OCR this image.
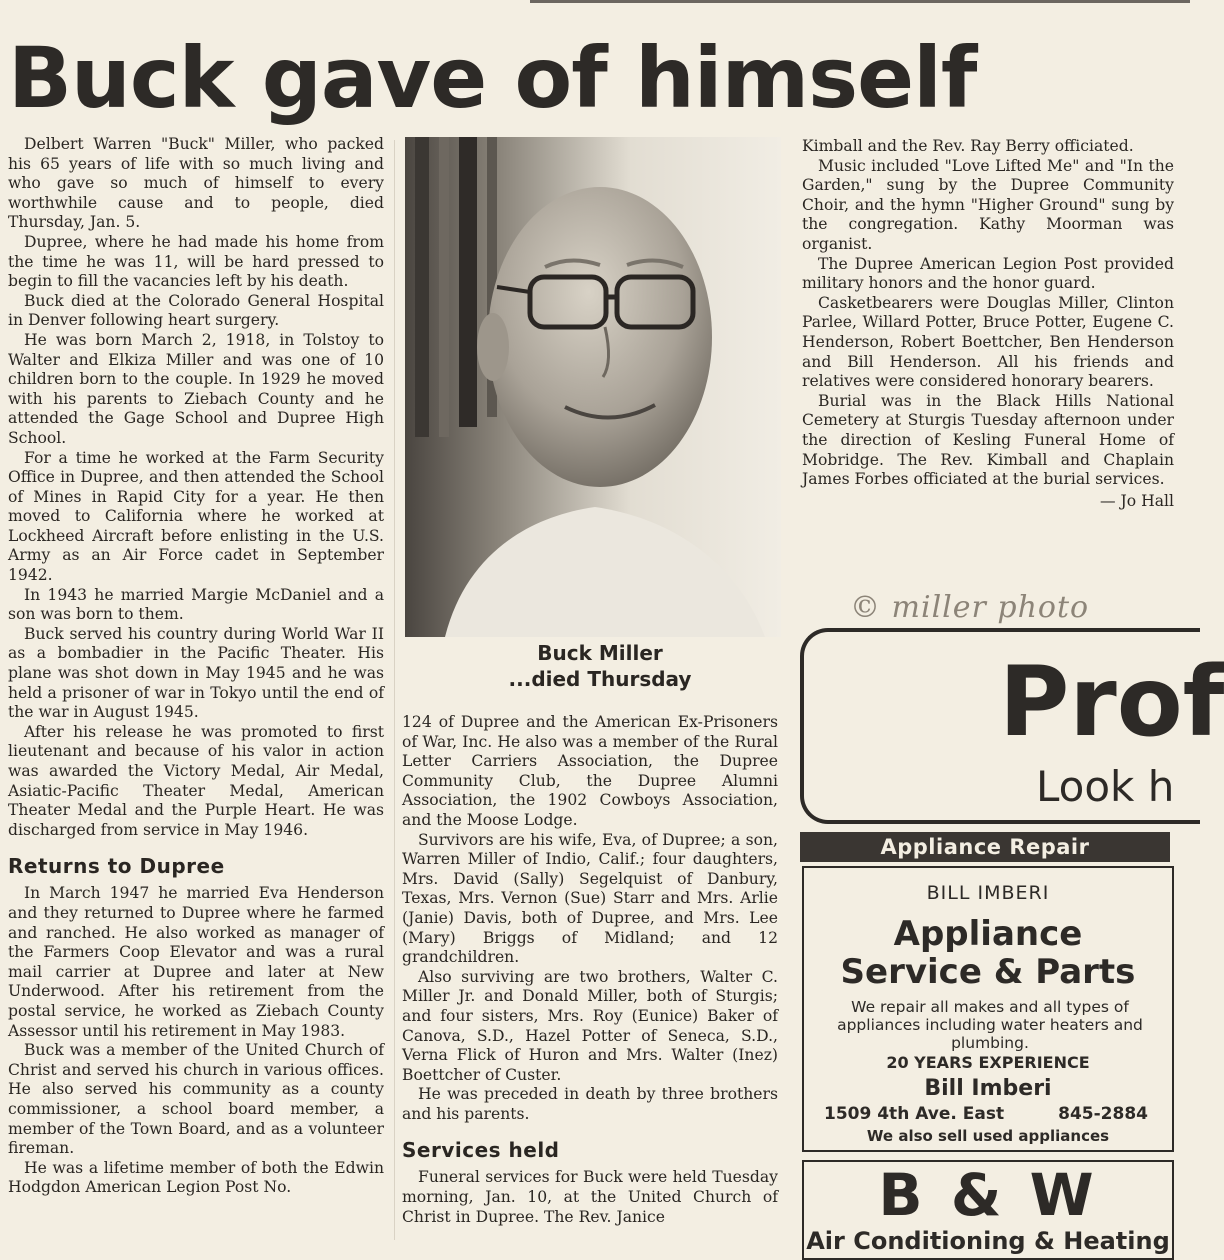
Buck gave of himself

Delbert Warren "Buck" Miller, who packed his 65 years of life with so much living and who gave so much of himself to every worthwhile cause and to people, died Thursday, Jan. 5.

Dupree, where he had made his home from the time he was 11, will be hard pressed to begin to fill the vacancies left by his death.

Buck died at the Colorado General Hospital in Denver following heart surgery.

He was born March 2, 1918, in Tolstoy to Walter and Elkiza Miller and was one of 10 children born to the couple. In 1929 he moved with his parents to Ziebach County and he attended the Gage School and Dupree High School.

For a time he worked at the Farm Security Office in Dupree, and then attended the School of Mines in Rapid City for a year. He then moved to California where he worked at Lockheed Aircraft before enlisting in the U.S. Army as an Air Force cadet in September 1942.

In 1943 he married Margie McDaniel and a son was born to them.

Buck served his country during World War II as a bombadier in the Pacific Theater. His plane was shot down in May 1945 and he was held a prisoner of war in Tokyo until the end of the war in August 1945.

After his release he was promoted to first lieutenant and because of his valor in action was awarded the Victory Medal, Air Medal, Asiatic-Pacific Theater Medal, American Theater Medal and the Purple Heart. He was discharged from service in May 1946.

Returns to Dupree

In March 1947 he married Eva Henderson and they returned to Dupree where he farmed and ranched. He also worked as manager of the Farmers Coop Elevator and was a rural mail carrier at Dupree and later at New Underwood. After his retirement from the postal service, he worked as Ziebach County Assessor until his retirement in May 1983.

Buck was a member of the United Church of Christ and served his church in various offices. He also served his community as a county commissioner, a school board member, a member of the Town Board, and as a volunteer fireman.

He was a lifetime member of both the Edwin Hodgdon American Legion Post No.

Buck Miller
...died Thursday

124 of Dupree and the American Ex-Prisoners of War, Inc. He also was a member of the Rural Letter Carriers Association, the Dupree Community Club, the Dupree Alumni Association, the 1902 Cowboys Association, and the Moose Lodge.

Survivors are his wife, Eva, of Dupree; a son, Warren Miller of Indio, Calif.; four daughters, Mrs. David (Sally) Segelquist of Danbury, Texas, Mrs. Vernon (Sue) Starr and Mrs. Arlie (Janie) Davis, both of Dupree, and Mrs. Lee (Mary) Briggs of Midland; and 12 grandchildren.

Also surviving are two brothers, Walter C. Miller Jr. and Donald Miller, both of Sturgis; and four sisters, Mrs. Roy (Eunice) Baker of Canova, S.D., Hazel Potter of Seneca, S.D., Verna Flick of Huron and Mrs. Walter (Inez) Boettcher of Custer.

He was preceded in death by three brothers and his parents.

Services held

Funeral services for Buck were held Tuesday morning, Jan. 10, at the United Church of Christ in Dupree. The Rev. Janice

Kimball and the Rev. Ray Berry officiated.

Music included "Love Lifted Me" and "In the Garden," sung by the Dupree Community Choir, and the hymn "Higher Ground" sung by the congregation. Kathy Moorman was organist.

The Dupree American Legion Post provided military honors and the honor guard.

Casketbearers were Douglas Miller, Clinton Parlee, Willard Potter, Bruce Potter, Eugene C. Henderson, Robert Boettcher, Ben Henderson and Bill Henderson. All his friends and relatives were considered honorary bearers.

Burial was in the Black Hills National Cemetery at Sturgis Tuesday afternoon under the direction of Kesling Funeral Home of Mobridge. The Rev. Kimball and Chaplain James Forbes officiated at the burial services.

— Jo Hall
© miller photo
Prof
Look h
Appliance Repair
BILL IMBERI
Appliance
Service & Parts
We repair all makes and all types of appliances including water heaters and plumbing.
20 YEARS EXPERIENCE
Bill Imberi
1509 4th Ave. East	845-2884
We also sell used appliances
B & W
Air Conditioning & Heating
